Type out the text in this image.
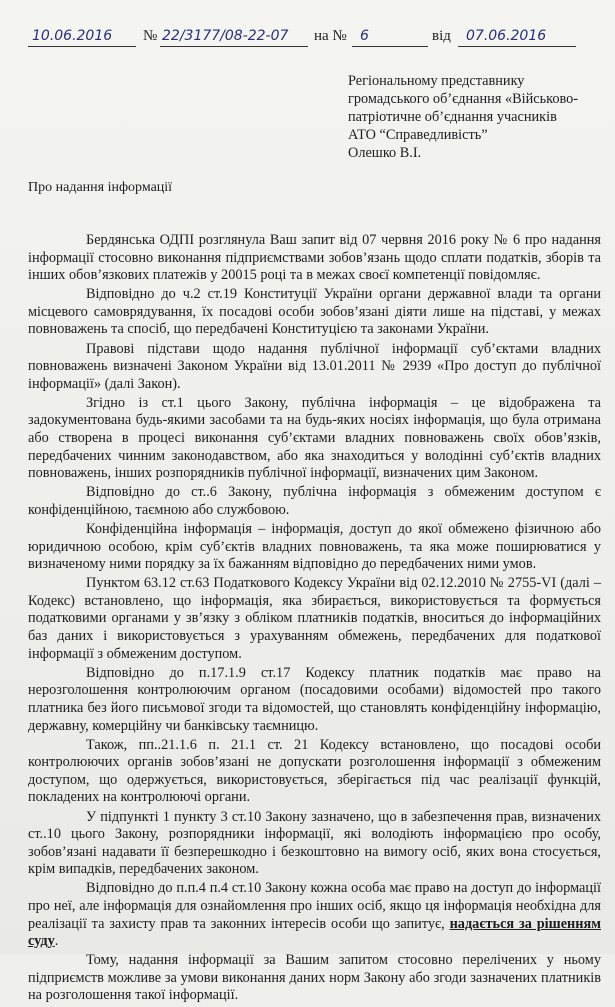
10.06.2016 № 22/3177/08-22-07 на № 6	від 07.06.2016
Регіональному представнику
громадського об’єднання «Військово-
патріотичне об’єднання учасників
АТО “Справедливість”
Олешко В.І.
Про надання інформації

Бердянська ОДПІ розглянула Ваш запит від 07 червня 2016 року № 6 про надання інформації стосовно виконання підприємствами зобов’язань щодо сплати податків, зборів та інших обов’язкових платежів у 20015 році та в межах своєї компетенції повідомляє.

Відповідно до ч.2 ст.19 Конституції України органи державної влади та органи місцевого самоврядування, їх посадові особи зобов’язані діяти лише на підставі, у межах повноважень та спосіб, що передбачені Конституцією та законами України.

Правові підстави щодо надання публічної інформації суб’єктами владних повноважень визначені Законом України від 13.01.2011 № 2939 «Про доступ до публічної інформації» (далі Закон).

Згідно із ст.1 цього Закону, публічна інформація – це відображена та задокументована будь-якими засобами та на будь-яких носіях інформація, що була отримана або створена в процесі виконання суб’єктами владних повноважень своїх обов’язків, передбачених чинним законодавством, або яка знаходиться у володінні суб’єктів владних повноважень, інших розпорядників публічної інформації, визначених цим Законом.

Відповідно до ст..6 Закону, публічна інформація з обмеженим доступом є конфіденційною, таємною або службовою.

Конфіденційна інформація – інформація, доступ до якої обмежено фізичною або юридичною особою, крім суб’єктів владних повноважень, та яка може поширюватися у визначеному ними порядку за їх бажанням відповідно до передбачених ними умов.

Пунктом 63.12 ст.63 Податкового Кодексу України від 02.12.2010 № 2755-VI (далі – Кодекс) встановлено, що інформація, яка збирається, використовується та формується податковими органами у зв’язку з обліком платників податків, вноситься до інформаційних баз даних і використовується з урахуванням обмежень, передбачених для податкової інформації з обмеженим доступом.

Відповідно до п.17.1.9 ст.17 Кодексу платник податків має право на нерозголошення контролюючим органом (посадовими особами) відомостей про такого платника без його письмової згоди та відомостей, що становлять конфіденційну інформацію, державну, комерційну чи банківську таємницю.

Також, пп..21.1.6 п. 21.1 ст. 21 Кодексу встановлено, що посадові особи контролюючих органів зобов’язані не допускати розголошення інформації з обмеженим доступом, що одержується, використовується, зберігається під час реалізації функцій, покладених на контролюючі органи.

У підпункті 1 пункту 3 ст.10 Закону зазначено, що в забезпечення прав, визначених ст..10 цього Закону, розпорядники інформації, які володіють інформацією про особу, зобов’язані надавати її безперешкодно і безкоштовно на вимогу осіб, яких вона стосується, крім випадків, передбачених законом.

Відповідно до п.п.4 п.4 ст.10 Закону кожна особа має право на доступ до інформації про неї, але інформація для ознайомлення про інших осіб, якщо ця інформація необхідна для реалізації та захисту прав та законних інтересів особи що запитує, надається за рішенням суду.

Тому, надання інформації за Вашим запитом стосовно перелічених у ньому підприємств можливе за умови виконання даних норм Закону або згоди зазначених платників на розголошення такої інформації.
